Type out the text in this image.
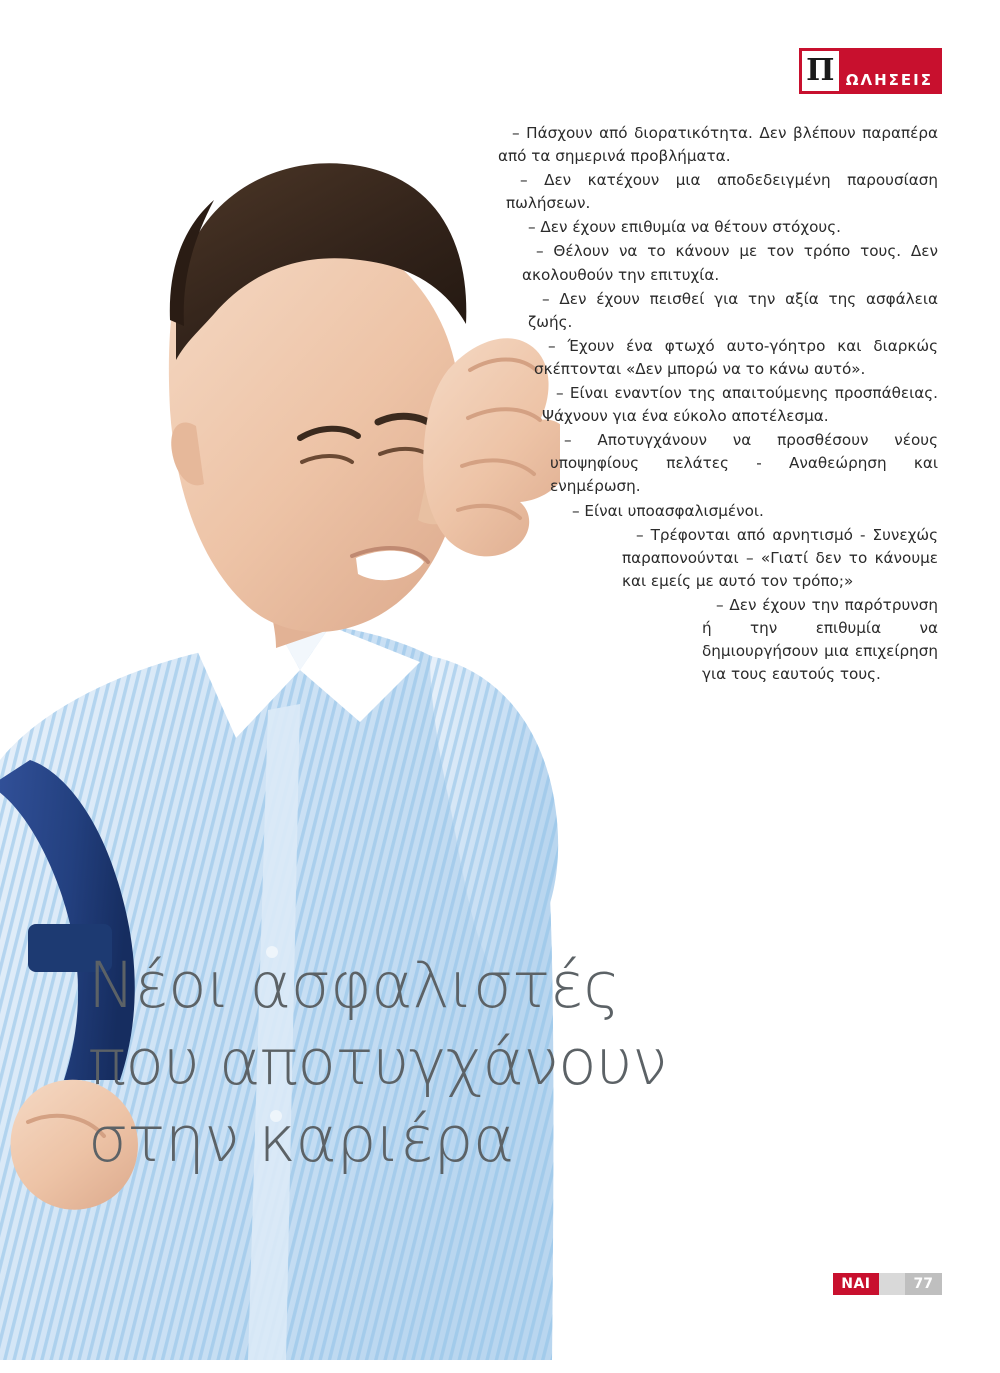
Π ΩΛΗΣΕΙΣ

– Πάσχουν από διορατικότητα. Δεν βλέπουν παραπέρα από τα σημερινά προβλήματα.

– Δεν κατέχουν μια αποδεδειγμένη παρουσίαση πωλήσεων.

– Δεν έχουν επιθυμία να θέτουν στόχους.

– Θέλουν να το κάνουν με τον τρόπο τους. Δεν ακολουθούν την επιτυχία.

– Δεν έχουν πεισθεί για την αξία της ασφάλεια ζωής.

– Έχουν ένα φτωχό αυτο-γόητρο και διαρκώς σκέπτονται «Δεν μπορώ να το κάνω αυτό».

– Είναι εναντίον της απαιτούμενης προσπάθειας. Ψάχνουν για ένα εύκολο αποτέλεσμα.

– Αποτυγχάνουν να προσθέσουν νέους υποψηφίους πελάτες - Αναθεώρηση και ενημέρωση.

– Είναι υποασφαλισμένοι.

– Τρέφονται από αρνητισμό - Συνεχώς παραπονούνται – «Γιατί δεν το κάνουμε και εμείς με αυτό τον τρόπο;»

– Δεν έχουν την παρότρυνση ή την επιθυμία να δημιουργήσουν μια επιχείρηση για τους εαυτούς τους.

Νέοι ασφαλιστές
που αποτυγχάνουν
στην καριέρα
ΝΑΙ	77
